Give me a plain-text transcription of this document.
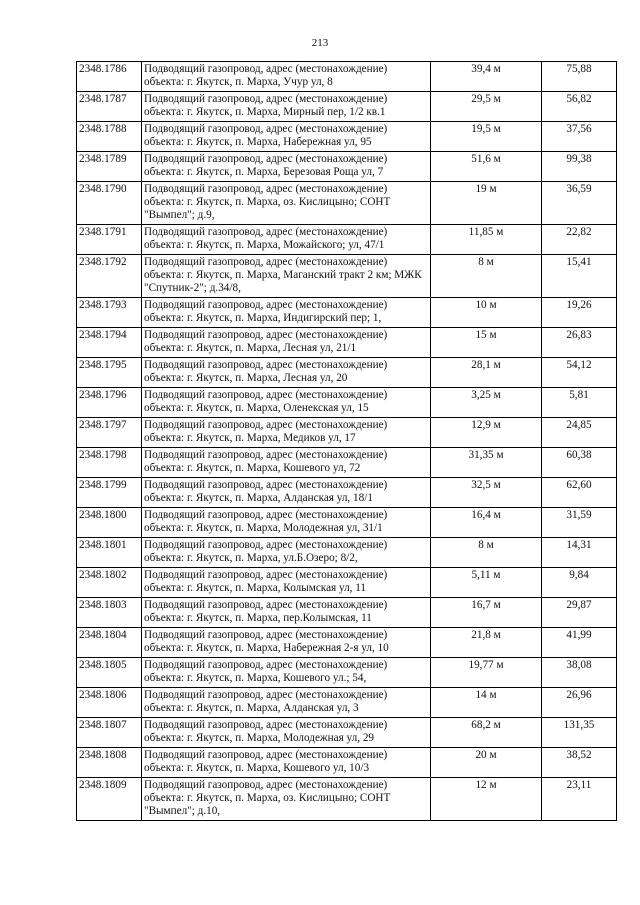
213
2348.1786	Подводящий газопровод, адрес (местонахождение) объекта: г. Якутск, п. Марха, Учур ул, 8	39,4 м	75,88
2348.1787	Подводящий газопровод, адрес (местонахождение) объекта: г. Якутск, п. Марха, Мирный пер, 1/2 кв.1	29,5 м	56,82
2348.1788	Подводящий газопровод, адрес (местонахождение) объекта: г. Якутск, п. Марха, Набережная ул, 95	19,5 м	37,56
2348.1789	Подводящий газопровод, адрес (местонахождение) объекта: г. Якутск, п. Марха, Березовая Роща ул, 7	51,6 м	99,38
2348.1790	Подводящий газопровод, адрес (местонахождение) объекта: г. Якутск, п. Марха, оз. Кислицыно; СОНТ "Вымпел"; д.9,	19 м	36,59
2348.1791	Подводящий газопровод, адрес (местонахождение) объекта: г. Якутск, п. Марха, Можайского; ул, 47/1	11,85 м	22,82
2348.1792	Подводящий газопровод, адрес (местонахождение) объекта: г. Якутск, п. Марха, Маганский тракт 2 км; МЖК "Спутник-2"; д.34/8,	8 м	15,41
2348.1793	Подводящий газопровод, адрес (местонахождение) объекта: г. Якутск, п. Марха, Индигирский пер; 1,	10 м	19,26
2348.1794	Подводящий газопровод, адрес (местонахождение) объекта: г. Якутск, п. Марха, Лесная ул, 21/1	15 м	26,83
2348.1795	Подводящий газопровод, адрес (местонахождение) объекта: г. Якутск, п. Марха, Лесная ул, 20	28,1 м	54,12
2348.1796	Подводящий газопровод, адрес (местонахождение) объекта: г. Якутск, п. Марха, Оленекская ул, 15	3,25 м	5,81
2348.1797	Подводящий газопровод, адрес (местонахождение) объекта: г. Якутск, п. Марха, Медиков ул, 17	12,9 м	24,85
2348.1798	Подводящий газопровод, адрес (местонахождение) объекта: г. Якутск, п. Марха, Кошевого ул, 72	31,35 м	60,38
2348.1799	Подводящий газопровод, адрес (местонахождение) объекта: г. Якутск, п. Марха, Алданская ул, 18/1	32,5 м	62,60
2348.1800	Подводящий газопровод, адрес (местонахождение) объекта: г. Якутск, п. Марха, Молодежная ул, 31/1	16,4 м	31,59
2348.1801	Подводящий газопровод, адрес (местонахождение) объекта: г. Якутск, п. Марха, ул.Б.Озеро; 8/2,	8 м	14,31
2348.1802	Подводящий газопровод, адрес (местонахождение) объекта: г. Якутск, п. Марха, Колымская ул, 11	5,11 м	9,84
2348.1803	Подводящий газопровод, адрес (местонахождение) объекта: г. Якутск, п. Марха, пер.Колымская, 11	16,7 м	29,87
2348.1804	Подводящий газопровод, адрес (местонахождение) объекта: г. Якутск, п. Марха, Набережная 2-я ул, 10	21,8 м	41,99
2348.1805	Подводящий газопровод, адрес (местонахождение) объекта: г. Якутск, п. Марха, Кошевого ул.; 54,	19,77 м	38,08
2348.1806	Подводящий газопровод, адрес (местонахождение) объекта: г. Якутск, п. Марха, Алданская ул, 3	14 м	26,96
2348.1807	Подводящий газопровод, адрес (местонахождение) объекта: г. Якутск, п. Марха, Молодежная ул, 29	68,2 м	131,35
2348.1808	Подводящий газопровод, адрес (местонахождение) объекта: г. Якутск, п. Марха, Кошевого ул, 10/3	20 м	38,52
2348.1809	Подводящий газопровод, адрес (местонахождение) объекта: г. Якутск, п. Марха, оз. Кислицыно; СОНТ "Вымпел"; д.10,	12 м	23,11
